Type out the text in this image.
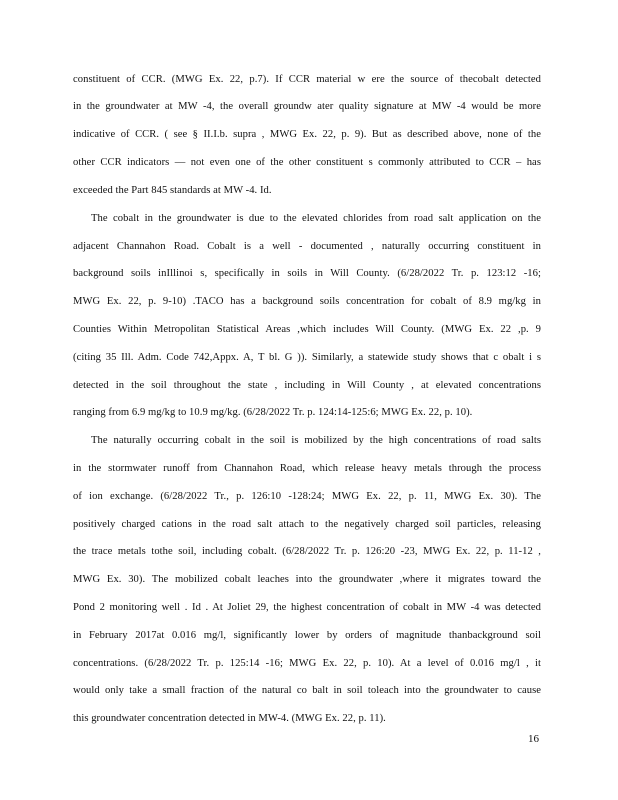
constituent of CCR. (MWG Ex. 22, p.7). If CCR material w ere the source of thecobalt detected
in the groundwater at MW -4, the overall groundw ater quality signature at MW -4 would be more
indicative of CCR. ( see § II.I.b. supra , MWG Ex. 22, p. 9). But as described above, none of the
other CCR indicators — not even one of the other constituent s commonly attributed to CCR – has
exceeded the Part 845 standards at MW -4. Id.
The cobalt in the groundwater is due to the elevated chlorides from road salt application on the
adjacent Channahon Road. Cobalt is a well - documented , naturally occurring constituent in
background soils inIllinoi s, specifically in soils in Will County. (6/28/2022 Tr. p. 123:12 -16;
MWG Ex. 22, p. 9-10) .TACO has a background soils concentration for cobalt of 8.9 mg/kg in
Counties Within Metropolitan Statistical Areas ,which includes Will County. (MWG Ex. 22 ,p. 9
(citing 35 Ill. Adm. Code 742,Appx. A, T bl. G )). Similarly, a statewide study shows that c obalt i s
detected in the soil throughout the state , including in Will County , at elevated concentrations
ranging from 6.9 mg/kg to 10.9 mg/kg. (6/28/2022 Tr. p. 124:14-125:6; MWG Ex. 22, p. 10).
The naturally occurring cobalt in the soil is mobilized by the high concentrations of road salts
in the stormwater runoff from Channahon Road, which release heavy metals through the process
of ion exchange. (6/28/2022 Tr., p. 126:10 -128:24; MWG Ex. 22, p. 11, MWG Ex. 30). The
positively charged cations in the road salt attach to the negatively charged soil particles, releasing
the trace metals tothe soil, including cobalt. (6/28/2022 Tr. p. 126:20 -23, MWG Ex. 22, p. 11-12 ,
MWG Ex. 30). The mobilized cobalt leaches into the groundwater ,where it migrates toward the
Pond 2 monitoring well . Id . At Joliet 29, the highest concentration of cobalt in MW -4 was detected
in February 2017at 0.016 mg/l, significantly lower by orders of magnitude thanbackground soil
concentrations. (6/28/2022 Tr. p. 125:14 -16; MWG Ex. 22, p. 10). At a level of 0.016 mg/l , it
would only take a small fraction of the natural co balt in soil toleach into the groundwater to cause
this groundwater concentration detected in MW-4. (MWG Ex. 22, p. 11).
16
